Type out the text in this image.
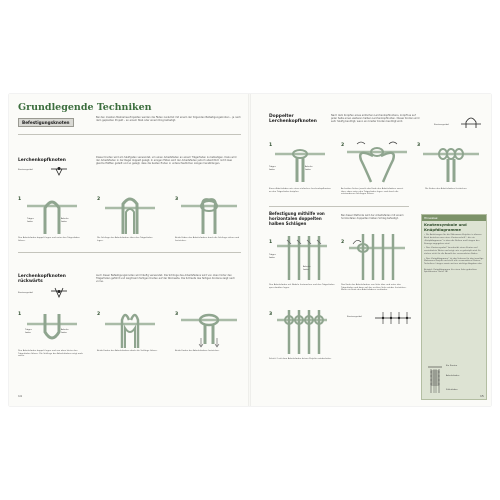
Grundlegende Techniken
Befestigungsknoten
Bei den meisten Makramee-Projekten werden die Fäden zunächst mit einem der folgenden Befestigungsknoten – je nach dem geplanten Projekt – an einem Stab oder einem Ring befestigt.
Lerchenkopfknoten
Knotensymbol
Dieser Knoten wird am häufigsten verwendet, um einen Arbeitsfaden an einem Trägerfaden zu befestigen. Dazu wird der Arbeitsfaden in der Regel doppelt gelegt. In einigen Fällen wird der Arbeitsfaden jedoch absichtlich nicht zwei gleiche Hälften geteilt und so gelegt, dass die beiden Enden in unterschiedlichen Längen herabhängen.
1
Träger-
faden
Arbeits-
faden
Den Arbeitsfaden doppelt legen und unter den Trägerfaden führen.
2
Die Schlinge des Arbeitsfadens über den Trägerfaden legen.
3
Beide Fäden des Arbeitsfadens durch die Schlinge ziehen und festziehen.
Lerchenkopfknoten
rückwärts
Knotensymbol
Auch dieser Befestigungsknoten wird häufig verwendet. Die Schlinge des Arbeitsfadens wird von oben hinter den Trägerfaden geführt und zeigt beim fertigen Knoten auf der Rückseite. Die Schlaufe des fertigen Knotens zeigt nach vorne.
1
Träger-
faden
Arbeits-
faden
Den Arbeitsfaden doppelt legen und von oben hinter den Trägerfaden führen. Die Schlinge des Arbeitsfadens zeigt nach unten.
2
Beide Enden des Arbeitsfadens durch die Schlinge führen.
3
Beide Enden des Arbeitsfadens festziehen.
14
Doppelter
Lerchenkopfknoten
Nach dem Knüpfen eines einfachen Lerchenkopfknotens, knüpft es auf jeder Seite einen weiteren halben Lerchenkopfknoten. Dieser Knoten wird sehr häufig benötigt, wenn ein breiter Knoten benötigt wird.
Knotensymbol
1
Träger-
faden
Arbeits-
faden
Einen Arbeitsfaden wie einen einfachen Lerchenkopfknoten an den Trägerfaden knüpfen.
2
An beiden Seiten jeweils das Ende des Arbeitsfadens zuerst über, dann unter den Trägerfaden legen, und durch die entstandenen Schlingen führen.
3
Die Enden des Arbeitsfadens festziehen.
Befestigung mithilfe von
horizontalen doppelten
halben Schlägen
Bei dieser Methode wird der Arbeitsfaden mit einem horizontalen doppelten halben Schlag befestigt.
1
Träger-
faden
Arbeits-
faden
Den Arbeitsfaden mit Nadeln festmachen und den Trägerfaden quer darüber legen.
2
Das Ende des Arbeitsfadens von links über und unter den Trägerfaden und dann auf der rechten Seite wieder festziehen. Wenn ein Ende des Arbeitsfadens verbinden.
3
Schritt 2 mit dem Arbeitsfaden deines Projekts wiederholen.
Knotensymbol
Hinweise
Knotensymbole und
Knüpfdiagramme
• Die Anleitungen für die Makramee-Projekte in diesem Buch bestehen aus einer „Knotenschrift“, die ein „Knüpfdiagramm“ in dem die Reihen und Längen des Strangs angegeben sind.
• Das „Knotensymbol“ beschreibt einen Knoten auf vereinfachte Weise und zeigt, wie er geknüpft wird. Es stehen nicht für die Anzahl der verwendeten Fäden.
• Das „Knüpfdiagramm“ ist das Schema für das jeweilige Makramee-Projekt und stellt alle verwendeten Knoten, Techniken, Längen sowie weitere wichtige Angaben dar.
Beispiel: Knüpfdiagramm für einen links gedrehten Spiralknoten (Seite 18)
Ein Knoten
Arbeitsfaden
Füllerfaden
15
